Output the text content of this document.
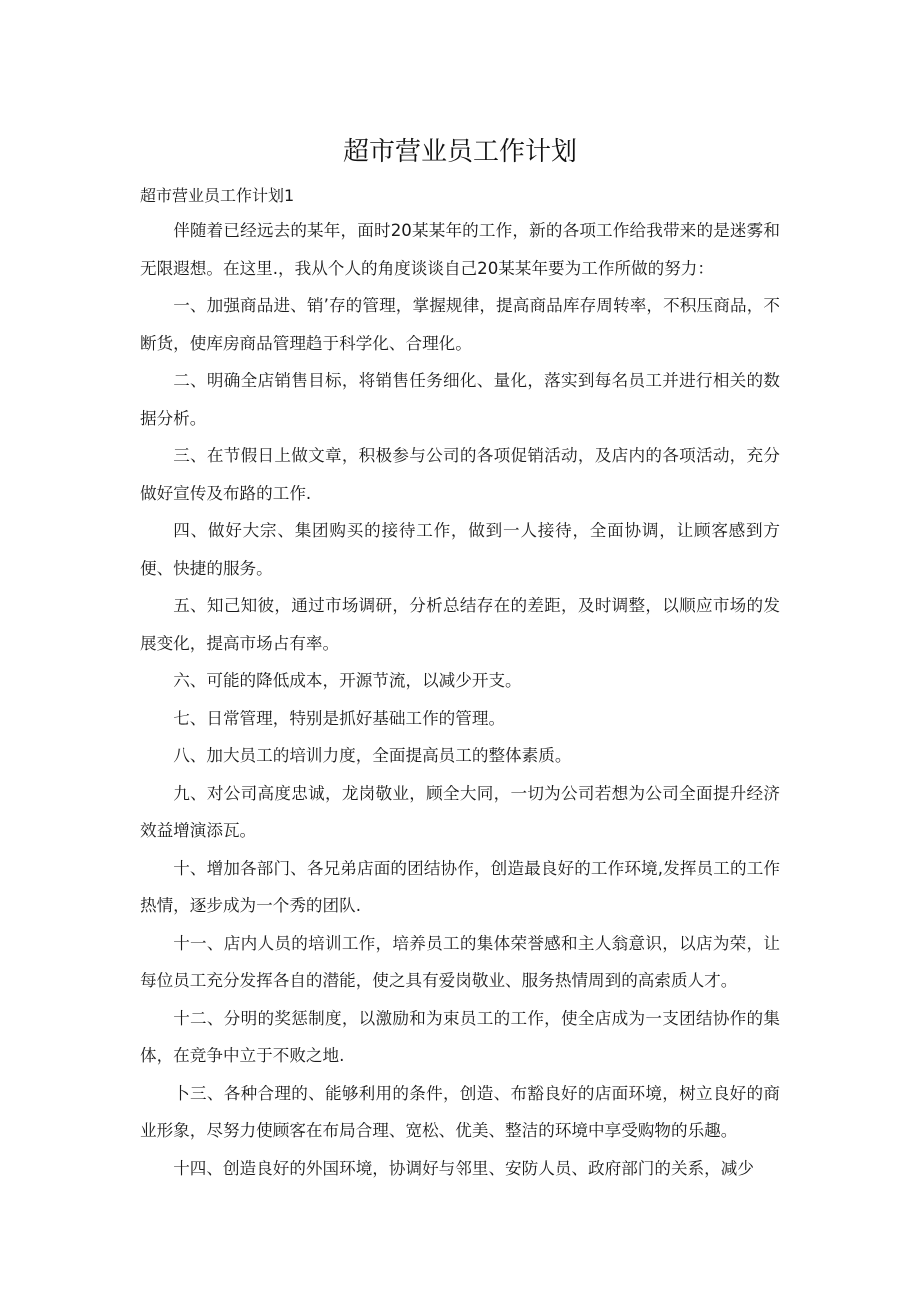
超市营业员工作计划

超市营业员工作计划1

伴随着已经远去的某年，面时20某某年的工作，新的各项工作给我带来的是迷雾和无限遐想。在这里.，我从个人的角度谈谈自己20某某年要为工作所做的努力：

一、加强商品进、销’存的管理，掌握规律，提高商品库存周转率，不积压商品，不断货，使库房商品管理趋于科学化、合理化。

二、明确全店销售目标，将销售任务细化、量化，落实到每名员工并进行相关的数据分析。

三、在节假日上做文章，积极参与公司的各项促销活动，及店内的各项活动，充分做好宣传及布路的工作.

四、做好大宗、集团购买的接待工作，做到一人接待，全面协调，让顾客感到方便、快捷的服务。

五、知己知彼，通过市场调研，分析总结存在的差距，及时调整，以顺应市场的发展变化，提高市场占有率。

六、可能的降低成本，开源节流，以减少开支。

七、日常管理，特别是抓好基础工作的管理。

八、加大员工的培训力度，全面提高员工的整体素质。

九、对公司高度忠诚，龙岗敬业，顾全大同，一切为公司若想为公司全面提升经济效益增演添瓦。

十、增加各部门、各兄弟店面的团结协作，创造最良好的工作环境,发挥员工的工作热情，逐步成为一个秀的团队.

十一、店内人员的培训工作，培养员工的集体荣誉感和主人翁意识，以店为荣，让每位员工充分发挥各自的潜能，使之具有爱岗敬业、服务热情周到的高索质人才。

十二、分明的奖惩制度，以激励和为束员工的工作，使全店成为一支团结协作的集体，在竞争中立于不败之地.

卜三、各种合理的、能够利用的条件，创造、布豁良好的店面环境，树立良好的商业形象，尽努力使顾客在布局合理、宽松、优美、整洁的环境中享受购物的乐趣。

十四、创造良好的外国环境，协调好与邻里、安防人员、政府部门的关系，减少
